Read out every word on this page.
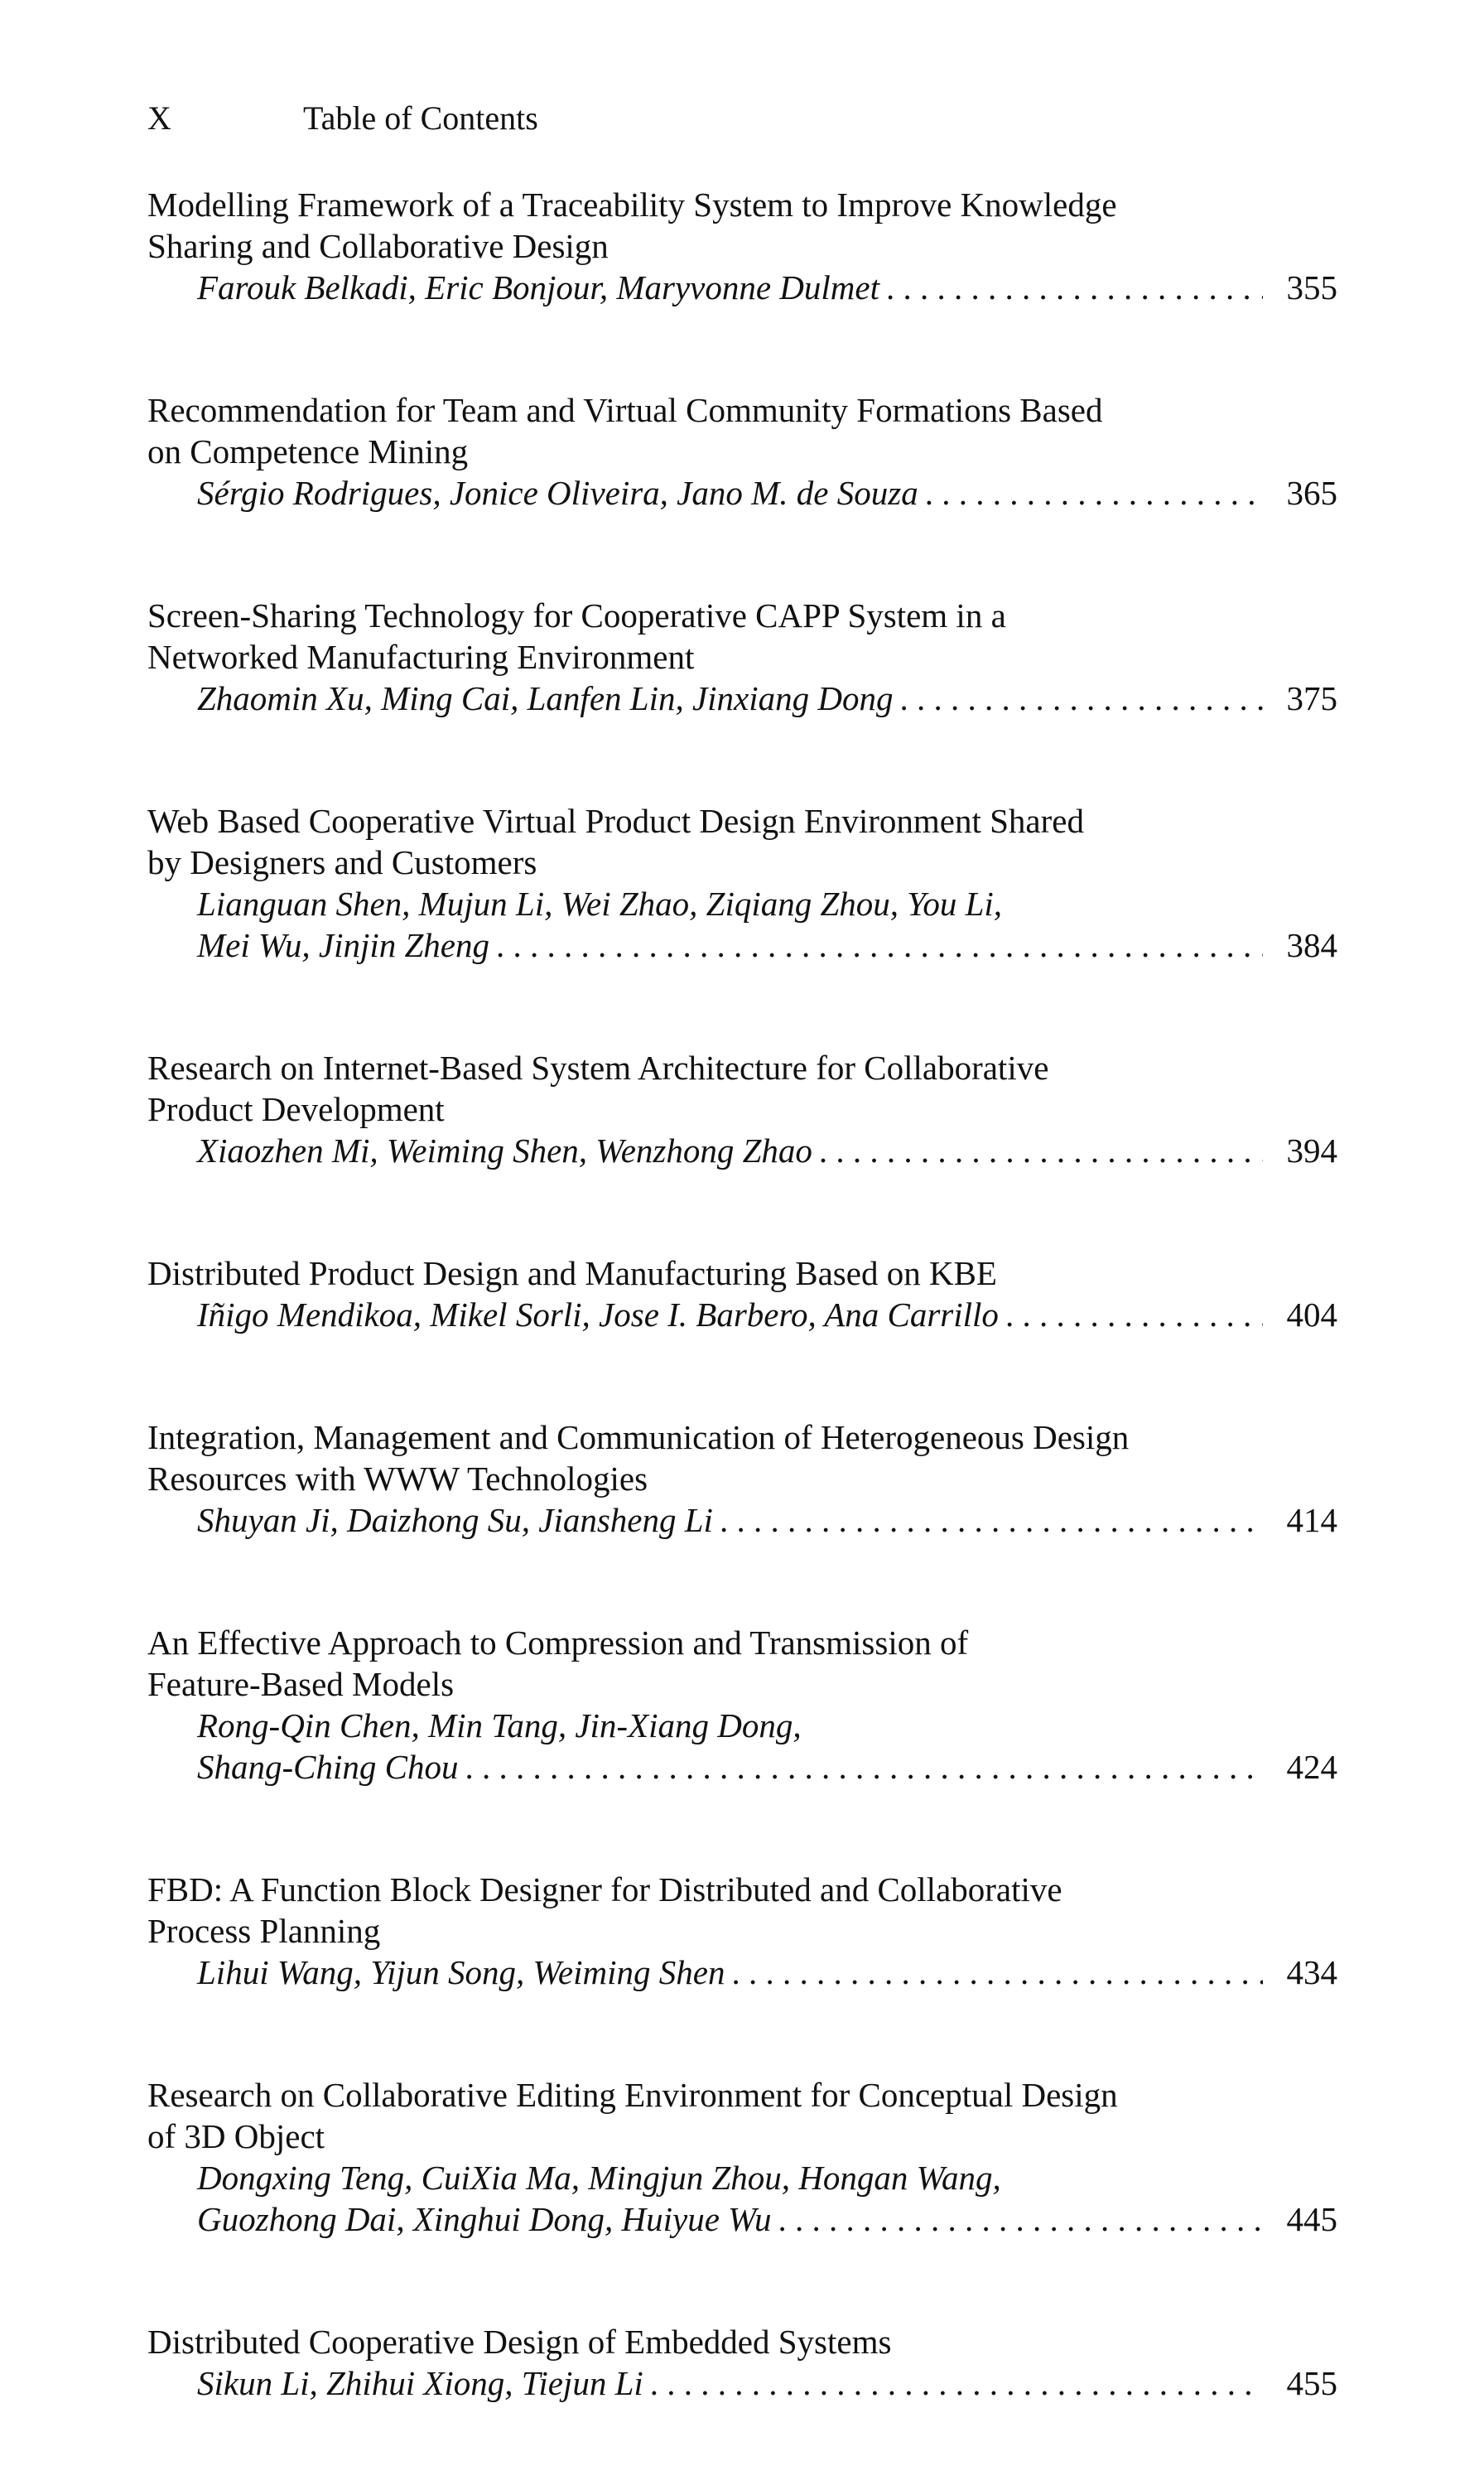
X	Table of Contents
Modelling Framework of a Traceability System to Improve Knowledge
Sharing and Collaborative Design
Farouk Belkadi, Eric Bonjour, Maryvonne Dulmet . . .	355
Recommendation for Team and Virtual Community Formations Based
on Competence Mining
Sérgio Rodrigues, Jonice Oliveira, Jano M. de Souza . . .	365
Screen-Sharing Technology for Cooperative CAPP System in a
Networked Manufacturing Environment
Zhaomin Xu, Ming Cai, Lanfen Lin, Jinxiang Dong . . .	375
Web Based Cooperative Virtual Product Design Environment Shared
by Designers and Customers
Lianguan Shen, Mujun Li, Wei Zhao, Ziqiang Zhou, You Li,
Mei Wu, Jinjin Zheng . . .	384
Research on Internet-Based System Architecture for Collaborative
Product Development
Xiaozhen Mi, Weiming Shen, Wenzhong Zhao . . .	394
Distributed Product Design and Manufacturing Based on KBE
Iñigo Mendikoa, Mikel Sorli, Jose I. Barbero, Ana Carrillo . . .	404
Integration, Management and Communication of Heterogeneous Design
Resources with WWW Technologies
Shuyan Ji, Daizhong Su, Jiansheng Li . . .	414
An Effective Approach to Compression and Transmission of
Feature-Based Models
Rong-Qin Chen, Min Tang, Jin-Xiang Dong,
Shang-Ching Chou . . .	424
FBD: A Function Block Designer for Distributed and Collaborative
Process Planning
Lihui Wang, Yijun Song, Weiming Shen . . .	434
Research on Collaborative Editing Environment for Conceptual Design
of 3D Object
Dongxing Teng, CuiXia Ma, Mingjun Zhou, Hongan Wang,
Guozhong Dai, Xinghui Dong, Huiyue Wu . . .	445
Distributed Cooperative Design of Embedded Systems
Sikun Li, Zhihui Xiong, Tiejun Li . . .	455
